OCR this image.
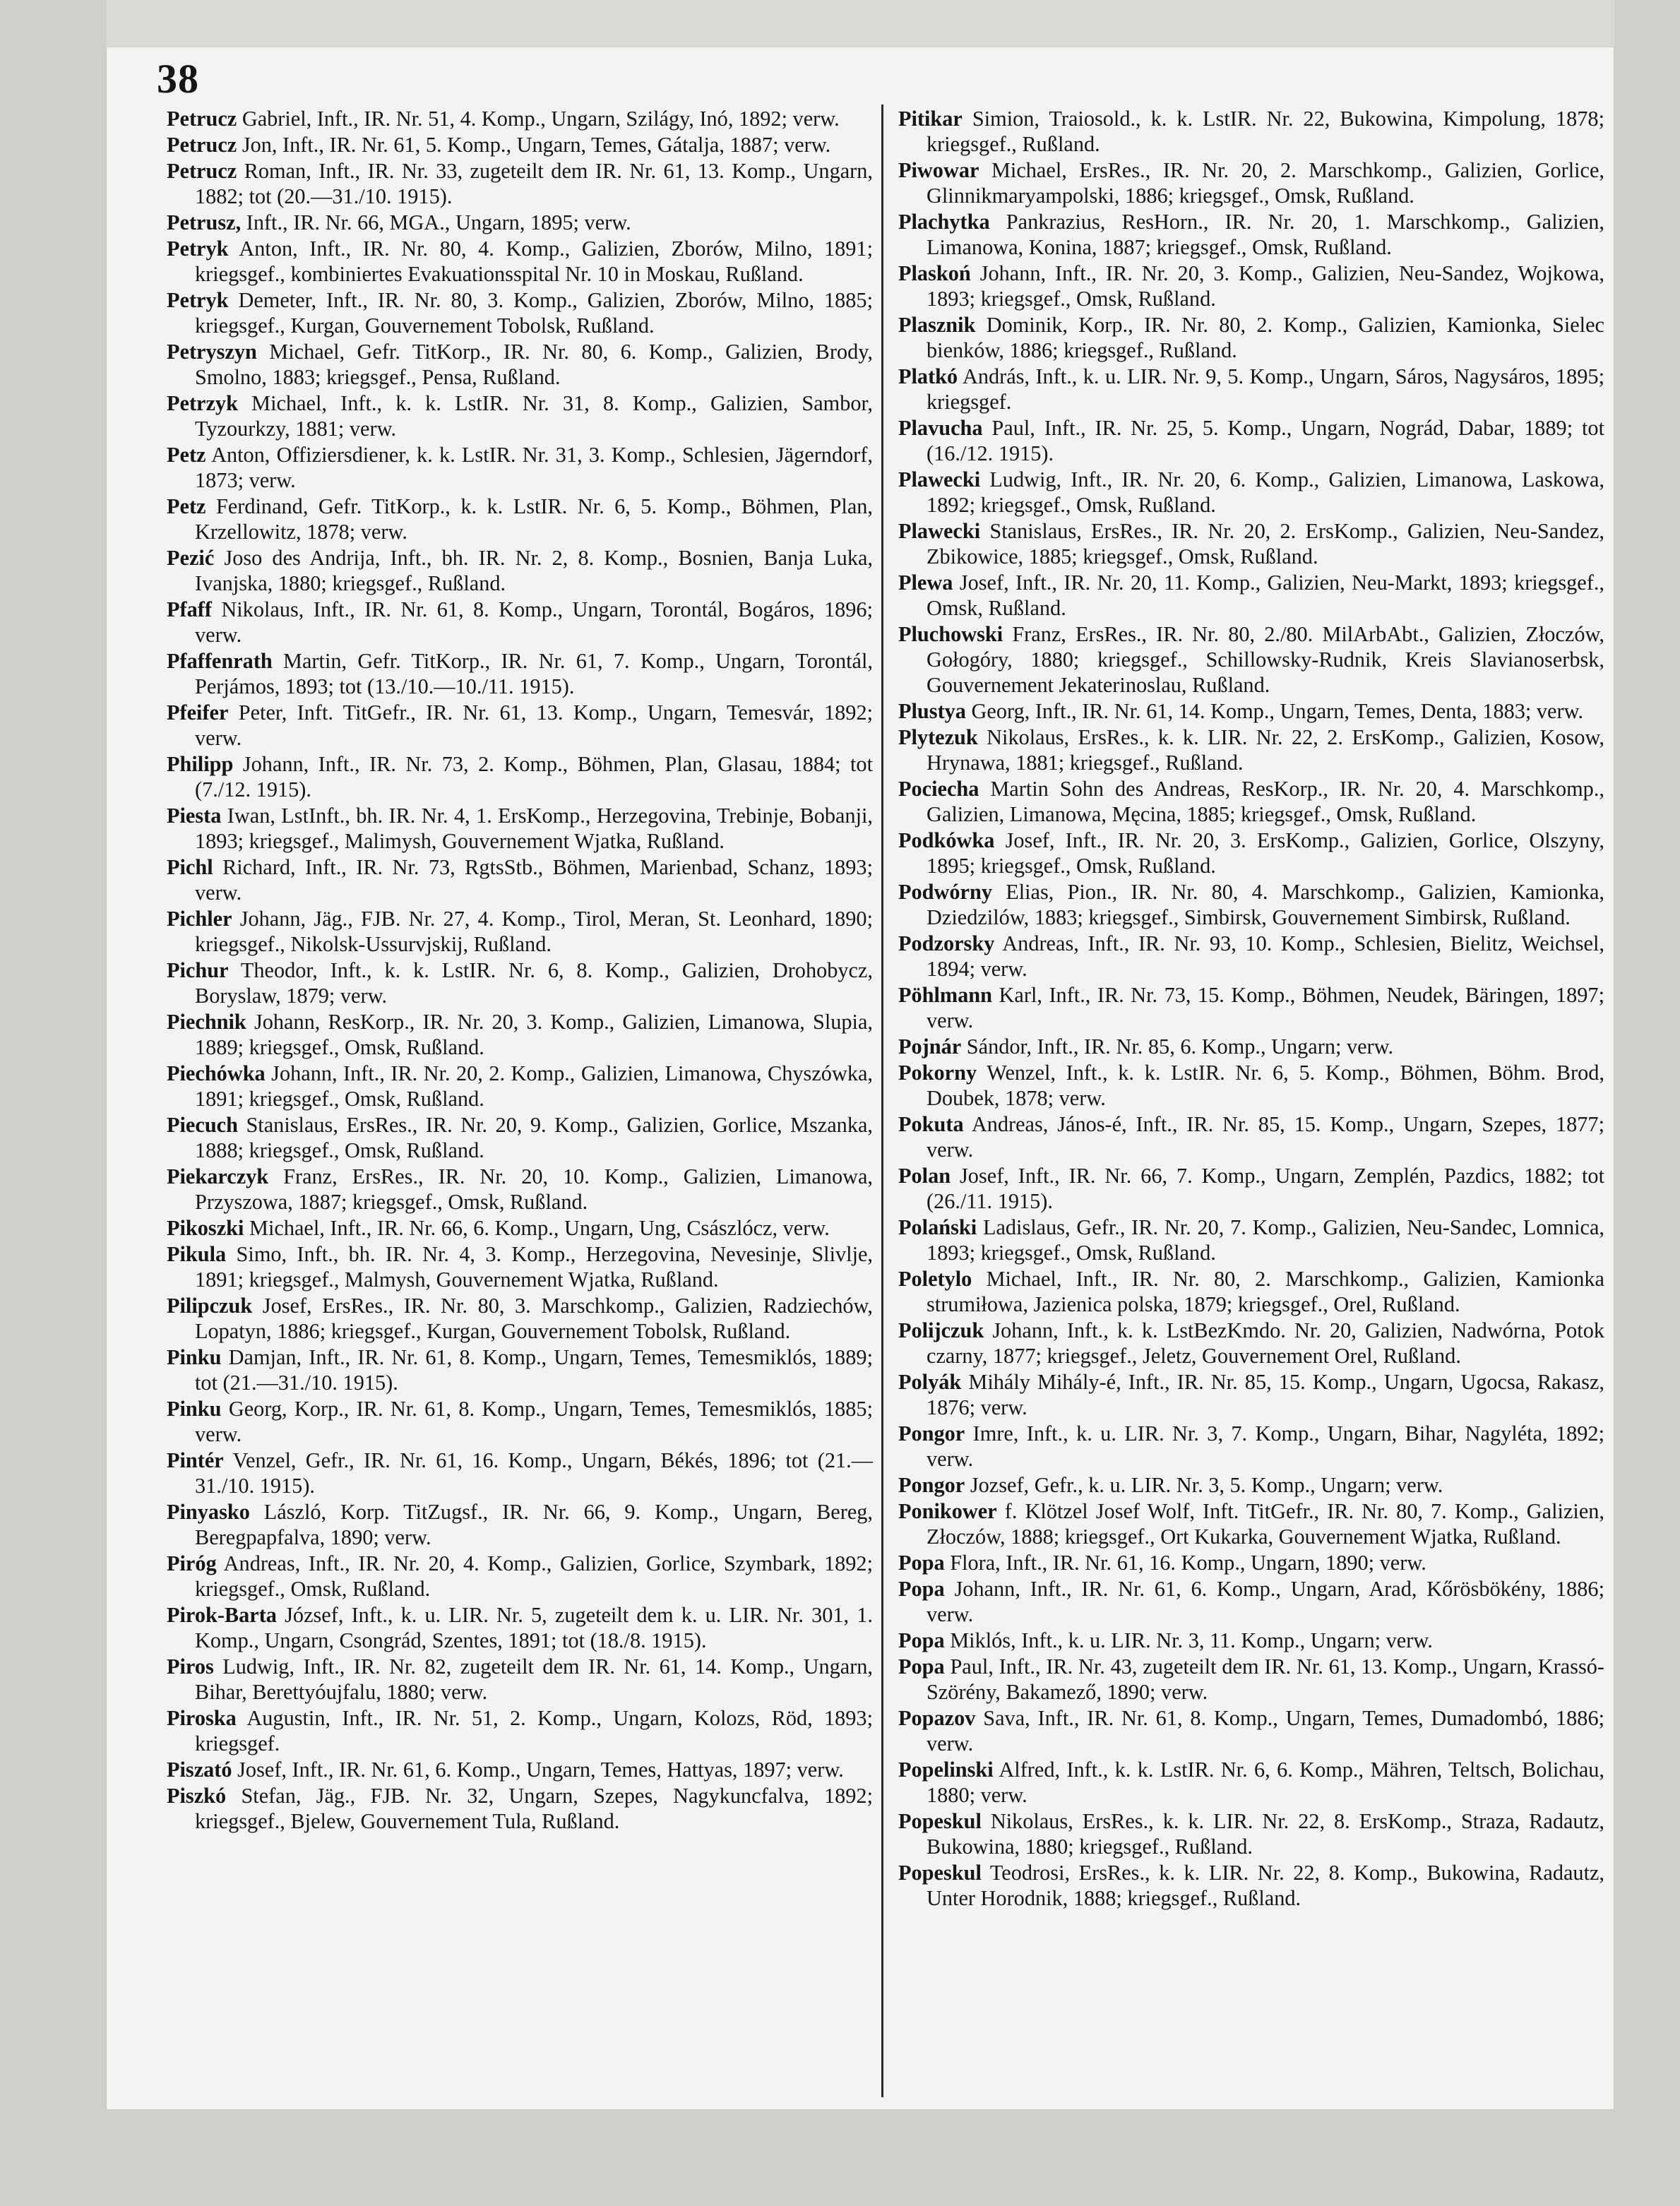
38

Petrucz Gabriel, Inft., IR. Nr. 51, 4. Komp., Ungarn, Szilágy, Inó, 1892; verw.

Petrucz Jon, Inft., IR. Nr. 61, 5. Komp., Ungarn, Temes, Gátalja, 1887; verw.

Petrucz Roman, Inft., IR. Nr. 33, zugeteilt dem IR. Nr. 61, 13. Komp., Ungarn, 1882; tot (20.—31./10. 1915).

Petrusz, Inft., IR. Nr. 66, MGA., Ungarn, 1895; verw.

Petryk Anton, Inft., IR. Nr. 80, 4. Komp., Galizien, Zborów, Milno, 1891; kriegsgef., kombiniertes Evakuationsspital Nr. 10 in Moskau, Rußland.

Petryk Demeter, Inft., IR. Nr. 80, 3. Komp., Galizien, Zborów, Milno, 1885; kriegsgef., Kurgan, Gouvernement Tobolsk, Rußland.

Petryszyn Michael, Gefr. TitKorp., IR. Nr. 80, 6. Komp., Galizien, Brody, Smolno, 1883; kriegsgef., Pensa, Rußland.

Petrzyk Michael, Inft., k. k. LstIR. Nr. 31, 8. Komp., Galizien, Sambor, Tyzourkzy, 1881; verw.

Petz Anton, Offiziersdiener, k. k. LstIR. Nr. 31, 3. Komp., Schlesien, Jägerndorf, 1873; verw.

Petz Ferdinand, Gefr. TitKorp., k. k. LstIR. Nr. 6, 5. Komp., Böhmen, Plan, Krzellowitz, 1878; verw.

Pezić Joso des Andrija, Inft., bh. IR. Nr. 2, 8. Komp., Bosnien, Banja Luka, Ivanjska, 1880; kriegsgef., Rußland.

Pfaff Nikolaus, Inft., IR. Nr. 61, 8. Komp., Ungarn, Torontál, Bogáros, 1896; verw.

Pfaffenrath Martin, Gefr. TitKorp., IR. Nr. 61, 7. Komp., Ungarn, Torontál, Perjámos, 1893; tot (13./10.—10./11. 1915).

Pfeifer Peter, Inft. TitGefr., IR. Nr. 61, 13. Komp., Ungarn, Temesvár, 1892; verw.

Philipp Johann, Inft., IR. Nr. 73, 2. Komp., Böhmen, Plan, Glasau, 1884; tot (7./12. 1915).

Piesta Iwan, LstInft., bh. IR. Nr. 4, 1. ErsKomp., Herzegovina, Trebinje, Bobanji, 1893; kriegsgef., Malimysh, Gouvernement Wjatka, Rußland.

Pichl Richard, Inft., IR. Nr. 73, RgtsStb., Böhmen, Marienbad, Schanz, 1893; verw.

Pichler Johann, Jäg., FJB. Nr. 27, 4. Komp., Tirol, Meran, St. Leonhard, 1890; kriegsgef., Nikolsk-Ussurvjskij, Rußland.

Pichur Theodor, Inft., k. k. LstIR. Nr. 6, 8. Komp., Galizien, Drohobycz, Boryslaw, 1879; verw.

Piechnik Johann, ResKorp., IR. Nr. 20, 3. Komp., Galizien, Limanowa, Slupia, 1889; kriegsgef., Omsk, Rußland.

Piechówka Johann, Inft., IR. Nr. 20, 2. Komp., Galizien, Limanowa, Chyszówka, 1891; kriegsgef., Omsk, Rußland.

Piecuch Stanislaus, ErsRes., IR. Nr. 20, 9. Komp., Galizien, Gorlice, Mszanka, 1888; kriegsgef., Omsk, Rußland.

Piekarczyk Franz, ErsRes., IR. Nr. 20, 10. Komp., Galizien, Limanowa, Przyszowa, 1887; kriegsgef., Omsk, Rußland.

Pikoszki Michael, Inft., IR. Nr. 66, 6. Komp., Ungarn, Ung, Császlócz, verw.

Pikula Simo, Inft., bh. IR. Nr. 4, 3. Komp., Herzegovina, Nevesinje, Slivlje, 1891; kriegsgef., Malmysh, Gouvernement Wjatka, Rußland.

Pilipczuk Josef, ErsRes., IR. Nr. 80, 3. Marschkomp., Galizien, Radziechów, Lopatyn, 1886; kriegsgef., Kurgan, Gouvernement Tobolsk, Rußland.

Pinku Damjan, Inft., IR. Nr. 61, 8. Komp., Ungarn, Temes, Temesmiklós, 1889; tot (21.—31./10. 1915).

Pinku Georg, Korp., IR. Nr. 61, 8. Komp., Ungarn, Temes, Temesmiklós, 1885; verw.

Pintér Venzel, Gefr., IR. Nr. 61, 16. Komp., Ungarn, Békés, 1896; tot (21.—31./10. 1915).

Pinyasko László, Korp. TitZugsf., IR. Nr. 66, 9. Komp., Ungarn, Bereg, Beregpapfalva, 1890; verw.

Piróg Andreas, Inft., IR. Nr. 20, 4. Komp., Galizien, Gorlice, Szymbark, 1892; kriegsgef., Omsk, Rußland.

Pirok-Barta József, Inft., k. u. LIR. Nr. 5, zugeteilt dem k. u. LIR. Nr. 301, 1. Komp., Ungarn, Csongrád, Szentes, 1891; tot (18./8. 1915).

Piros Ludwig, Inft., IR. Nr. 82, zugeteilt dem IR. Nr. 61, 14. Komp., Ungarn, Bihar, Berettyóujfalu, 1880; verw.

Piroska Augustin, Inft., IR. Nr. 51, 2. Komp., Ungarn, Kolozs, Röd, 1893; kriegsgef.

Piszató Josef, Inft., IR. Nr. 61, 6. Komp., Ungarn, Temes, Hattyas, 1897; verw.

Piszkó Stefan, Jäg., FJB. Nr. 32, Ungarn, Szepes, Nagykuncfalva, 1892; kriegsgef., Bjelew, Gouvernement Tula, Rußland.

Pitikar Simion, Traiosold., k. k. LstIR. Nr. 22, Bukowina, Kimpolung, 1878; kriegsgef., Rußland.

Piwowar Michael, ErsRes., IR. Nr. 20, 2. Marschkomp., Galizien, Gorlice, Glinnikmaryampolski, 1886; kriegsgef., Omsk, Rußland.

Plachytka Pankrazius, ResHorn., IR. Nr. 20, 1. Marschkomp., Galizien, Limanowa, Konina, 1887; kriegsgef., Omsk, Rußland.

Plaskoń Johann, Inft., IR. Nr. 20, 3. Komp., Galizien, Neu-Sandez, Wojkowa, 1893; kriegsgef., Omsk, Rußland.

Plasznik Dominik, Korp., IR. Nr. 80, 2. Komp., Galizien, Kamionka, Sielec bienków, 1886; kriegsgef., Rußland.

Platkó András, Inft., k. u. LIR. Nr. 9, 5. Komp., Ungarn, Sáros, Nagysáros, 1895; kriegsgef.

Plavucha Paul, Inft., IR. Nr. 25, 5. Komp., Ungarn, Nográd, Dabar, 1889; tot (16./12. 1915).

Plawecki Ludwig, Inft., IR. Nr. 20, 6. Komp., Galizien, Limanowa, Laskowa, 1892; kriegsgef., Omsk, Rußland.

Plawecki Stanislaus, ErsRes., IR. Nr. 20, 2. ErsKomp., Galizien, Neu-Sandez, Zbikowice, 1885; kriegsgef., Omsk, Rußland.

Plewa Josef, Inft., IR. Nr. 20, 11. Komp., Galizien, Neu-Markt, 1893; kriegsgef., Omsk, Rußland.

Pluchowski Franz, ErsRes., IR. Nr. 80, 2./80. MilArbAbt., Galizien, Złoczów, Gołogóry, 1880; kriegsgef., Schillowsky-Rudnik, Kreis Slavianoserbsk, Gouvernement Jekaterinoslau, Rußland.

Plustya Georg, Inft., IR. Nr. 61, 14. Komp., Ungarn, Temes, Denta, 1883; verw.

Plytezuk Nikolaus, ErsRes., k. k. LIR. Nr. 22, 2. ErsKomp., Galizien, Kosow, Hrynawa, 1881; kriegsgef., Rußland.

Pociecha Martin Sohn des Andreas, ResKorp., IR. Nr. 20, 4. Marschkomp., Galizien, Limanowa, Męcina, 1885; kriegsgef., Omsk, Rußland.

Podkówka Josef, Inft., IR. Nr. 20, 3. ErsKomp., Galizien, Gorlice, Olszyny, 1895; kriegsgef., Omsk, Rußland.

Podwórny Elias, Pion., IR. Nr. 80, 4. Marschkomp., Galizien, Kamionka, Dziedzilów, 1883; kriegsgef., Simbirsk, Gouvernement Simbirsk, Rußland.

Podzorsky Andreas, Inft., IR. Nr. 93, 10. Komp., Schlesien, Bielitz, Weichsel, 1894; verw.

Pöhlmann Karl, Inft., IR. Nr. 73, 15. Komp., Böhmen, Neudek, Bäringen, 1897; verw.

Pojnár Sándor, Inft., IR. Nr. 85, 6. Komp., Ungarn; verw.

Pokorny Wenzel, Inft., k. k. LstIR. Nr. 6, 5. Komp., Böhmen, Böhm. Brod, Doubek, 1878; verw.

Pokuta Andreas, János-é, Inft., IR. Nr. 85, 15. Komp., Ungarn, Szepes, 1877; verw.

Polan Josef, Inft., IR. Nr. 66, 7. Komp., Ungarn, Zemplén, Pazdics, 1882; tot (26./11. 1915).

Polański Ladislaus, Gefr., IR. Nr. 20, 7. Komp., Galizien, Neu-Sandec, Lomnica, 1893; kriegsgef., Omsk, Rußland.

Poletylo Michael, Inft., IR. Nr. 80, 2. Marschkomp., Galizien, Kamionka strumiłowa, Jazienica polska, 1879; kriegsgef., Orel, Rußland.

Polijczuk Johann, Inft., k. k. LstBezKmdo. Nr. 20, Galizien, Nadwórna, Potok czarny, 1877; kriegsgef., Jeletz, Gouvernement Orel, Rußland.

Polyák Mihály Mihály-é, Inft., IR. Nr. 85, 15. Komp., Ungarn, Ugocsa, Rakasz, 1876; verw.

Pongor Imre, Inft., k. u. LIR. Nr. 3, 7. Komp., Ungarn, Bihar, Nagyléta, 1892; verw.

Pongor Jozsef, Gefr., k. u. LIR. Nr. 3, 5. Komp., Ungarn; verw.

Ponikower f. Klötzel Josef Wolf, Inft. TitGefr., IR. Nr. 80, 7. Komp., Galizien, Złoczów, 1888; kriegsgef., Ort Kukarka, Gouvernement Wjatka, Rußland.

Popa Flora, Inft., IR. Nr. 61, 16. Komp., Ungarn, 1890; verw.

Popa Johann, Inft., IR. Nr. 61, 6. Komp., Ungarn, Arad, Kőrösbökény, 1886; verw.

Popa Miklós, Inft., k. u. LIR. Nr. 3, 11. Komp., Ungarn; verw.

Popa Paul, Inft., IR. Nr. 43, zugeteilt dem IR. Nr. 61, 13. Komp., Ungarn, Krassó-Szörény, Bakamező, 1890; verw.

Popazov Sava, Inft., IR. Nr. 61, 8. Komp., Ungarn, Temes, Dumadombó, 1886; verw.

Popelinski Alfred, Inft., k. k. LstIR. Nr. 6, 6. Komp., Mähren, Teltsch, Bolichau, 1880; verw.

Popeskul Nikolaus, ErsRes., k. k. LIR. Nr. 22, 8. ErsKomp., Straza, Radautz, Bukowina, 1880; kriegsgef., Rußland.

Popeskul Teodrosi, ErsRes., k. k. LIR. Nr. 22, 8. Komp., Bukowina, Radautz, Unter Horodnik, 1888; kriegsgef., Rußland.
